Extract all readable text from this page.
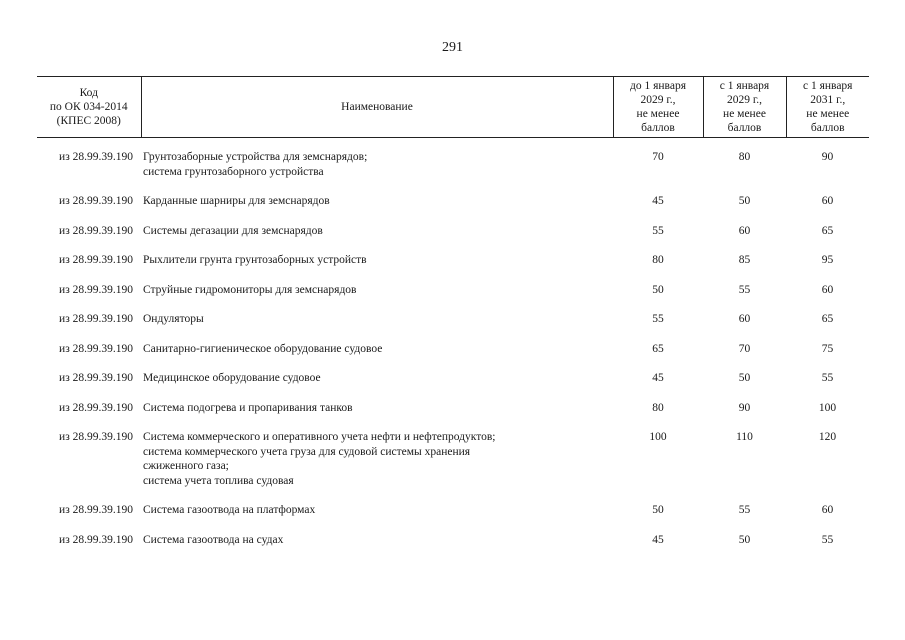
291
Код
по ОК 034-2014
(КПЕС 2008)	Наименование	до 1 января
2029 г.,
не менее
баллов	с 1 января
2029 г.,
не менее
баллов	с 1 января
2031 г.,
не менее
баллов

из 28.99.39.190	Грунтозаборные устройства для земснарядов;
система грунтозаборного устройства	70	80	90
из 28.99.39.190	Карданные шарниры для земснарядов	45	50	60
из 28.99.39.190	Системы дегазации для земснарядов	55	60	65
из 28.99.39.190	Рыхлители грунта грунтозаборных устройств	80	85	95
из 28.99.39.190	Струйные гидромониторы для земснарядов	50	55	60
из 28.99.39.190	Ондуляторы	55	60	65
из 28.99.39.190	Санитарно-гигиеническое оборудование судовое	65	70	75
из 28.99.39.190	Медицинское оборудование судовое	45	50	55
из 28.99.39.190	Система подогрева и пропаривания танков	80	90	100
из 28.99.39.190	Система коммерческого и оперативного учета нефти и нефтепродуктов;
система коммерческого учета груза для судовой системы хранения
сжиженного газа;
система учета топлива судовая	100	110	120
из 28.99.39.190	Система газоотвода на платформах	50	55	60
из 28.99.39.190	Система газоотвода на судах	45	50	55
